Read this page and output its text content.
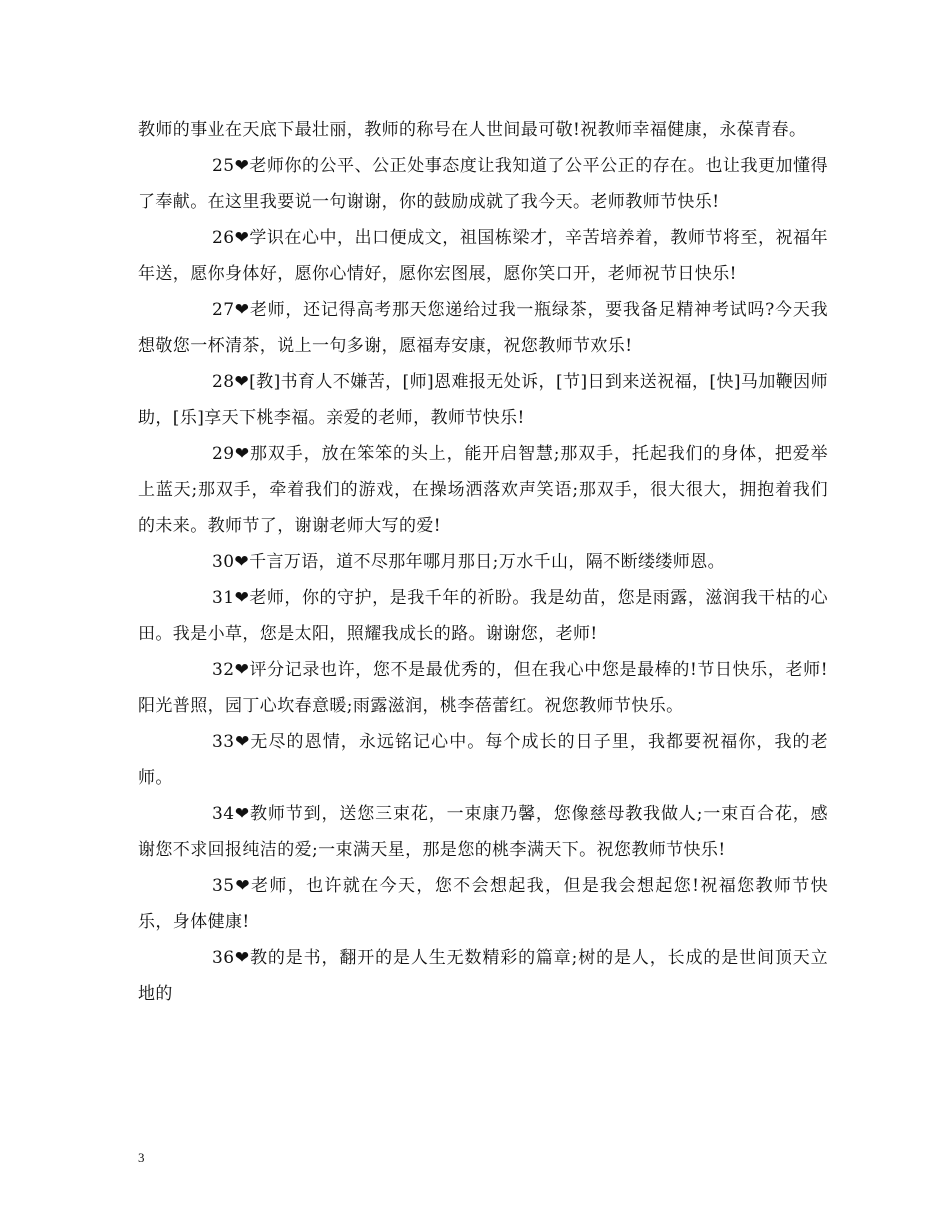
教师的事业在天底下最壮丽，教师的称号在人世间最可敬!祝教师幸福健康，永葆青春。

25❤老师你的公平、公正处事态度让我知道了公平公正的存在。也让我更加懂得了奉献。在这里我要说一句谢谢，你的鼓励成就了我今天。老师教师节快乐!

26❤学识在心中，出口便成文，祖国栋梁才，辛苦培养着，教师节将至，祝福年年送，愿你身体好，愿你心情好，愿你宏图展，愿你笑口开，老师祝节日快乐!

27❤老师，还记得高考那天您递给过我一瓶绿茶，要我备足精神考试吗?今天我想敬您一杯清茶，说上一句多谢，愿福寿安康，祝您教师节欢乐!

28❤[教]书育人不嫌苦，[师]恩难报无处诉，[节]日到来送祝福，[快]马加鞭因师助，[乐]享天下桃李福。亲爱的老师，教师节快乐!

29❤那双手，放在笨笨的头上，能开启智慧;那双手，托起我们的身体，把爱举上蓝天;那双手，牵着我们的游戏，在操场洒落欢声笑语;那双手，很大很大，拥抱着我们的未来。教师节了，谢谢老师大写的爱!

30❤千言万语，道不尽那年哪月那日;万水千山，隔不断缕缕师恩。

31❤老师，你的守护，是我千年的祈盼。我是幼苗，您是雨露，滋润我干枯的心田。我是小草，您是太阳，照耀我成长的路。谢谢您，老师!

32❤评分记录也许，您不是最优秀的，但在我心中您是最棒的!节日快乐，老师!阳光普照，园丁心坎春意暖;雨露滋润，桃李蓓蕾红。祝您教师节快乐。

33❤无尽的恩情，永远铭记心中。每个成长的日子里，我都要祝福你，我的老师。

34❤教师节到，送您三束花，一束康乃馨，您像慈母教我做人;一束百合花，感谢您不求回报纯洁的爱;一束满天星，那是您的桃李满天下。祝您教师节快乐!

35❤老师，也许就在今天，您不会想起我，但是我会想起您!祝福您教师节快乐，身体健康!

36❤教的是书，翻开的是人生无数精彩的篇章;树的是人，长成的是世间顶天立地的

3
